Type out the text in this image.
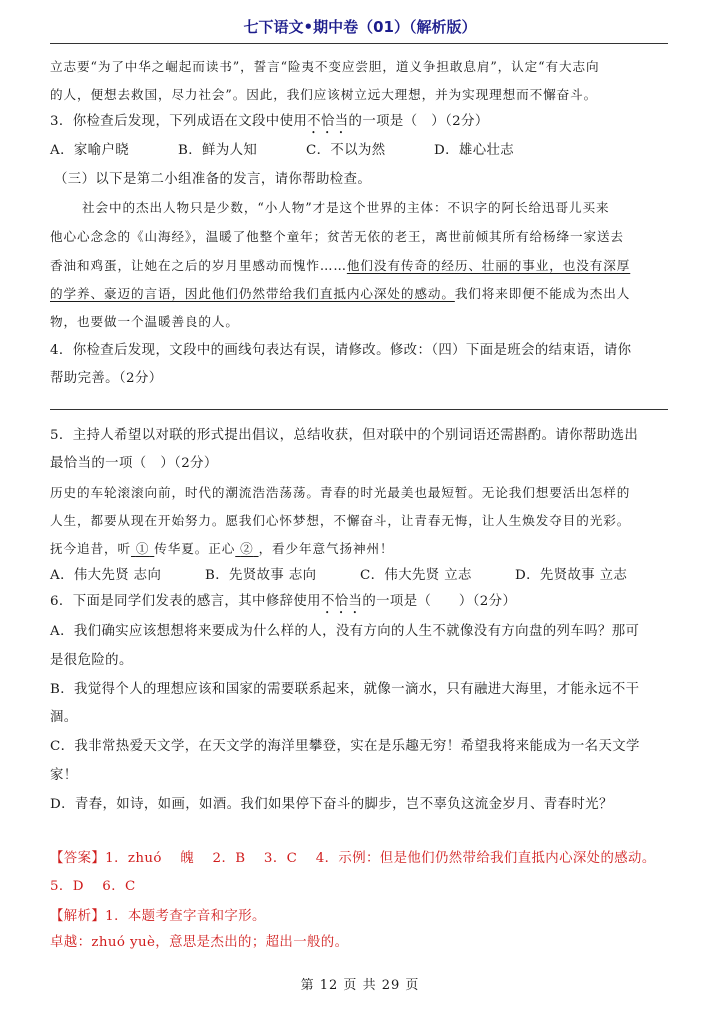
七下语文•期中卷（01）（解析版）
立志要“为了中华之崛起而读书”，誓言“险夷不变应尝胆，道义争担敢息肩”，认定“有大志向
的人，便想去救国，尽力社会”。因此，我们应该树立远大理想，并为实现理想而不懈奋斗。
3．你检查后发现，下列成语在文段中使用不恰当的一项是（　）（2分）
A．家喻户晓	B．鲜为人知	C．不以为然	D．雄心壮志
（三）以下是第二小组准备的发言，请你帮助检查。
社会中的杰出人物只是少数，“小人物”才是这个世界的主体：不识字的阿长给迅哥儿买来
他心心念念的《山海经》，温暖了他整个童年；贫苦无依的老王，离世前倾其所有给杨绛一家送去
香油和鸡蛋，让她在之后的岁月里感动而愧怍……他们没有传奇的经历、壮丽的事业，也没有深厚
的学养、豪迈的言语，因此他们仍然带给我们直抵内心深处的感动。我们将来即便不能成为杰出人
物，也要做一个温暖善良的人。
4．你检查后发现，文段中的画线句表达有误，请修改。修改：（四）下面是班会的结束语，请你
帮助完善。（2分）
5．主持人希望以对联的形式提出倡议，总结收获，但对联中的个别词语还需斟酌。请你帮助选出
最恰当的一项（　）（2分）
历史的车轮滚滚向前，时代的潮流浩浩荡荡。青春的时光最美也最短暂。无论我们想要活出怎样的
人生，都要从现在开始努力。愿我们心怀梦想，不懈奋斗，让青春无悔，让人生焕发夺目的光彩。
抚今追昔，听 ① 传华夏。正心 ② ，看少年意气扬神州！
A．伟大先贤 志向	B．先贤故事 志向	C．伟大先贤 立志	D．先贤故事 立志
6．下面是同学们发表的感言，其中修辞使用不恰当的一项是（　　）（2分）
A．我们确实应该想想将来要成为什么样的人，没有方向的人生不就像没有方向盘的列车吗？那可
是很危险的。
B．我觉得个人的理想应该和国家的需要联系起来，就像一滴水，只有融进大海里，才能永远不干
涸。
C．我非常热爱天文学，在天文学的海洋里攀登，实在是乐趣无穷！希望我将来能成为一名天文学
家！
D．青春，如诗，如画，如酒。我们如果停下奋斗的脚步，岂不辜负这流金岁月、青春时光？
【答案】1．zhuó　 魄　 2．B　 3．C　 4．示例：但是他们仍然带给我们直抵内心深处的感动。
5．D　 6．C
【解析】1．本题考查字音和字形。
卓越：zhuó yuè，意思是杰出的；超出一般的。
第 12 页 共 29 页
